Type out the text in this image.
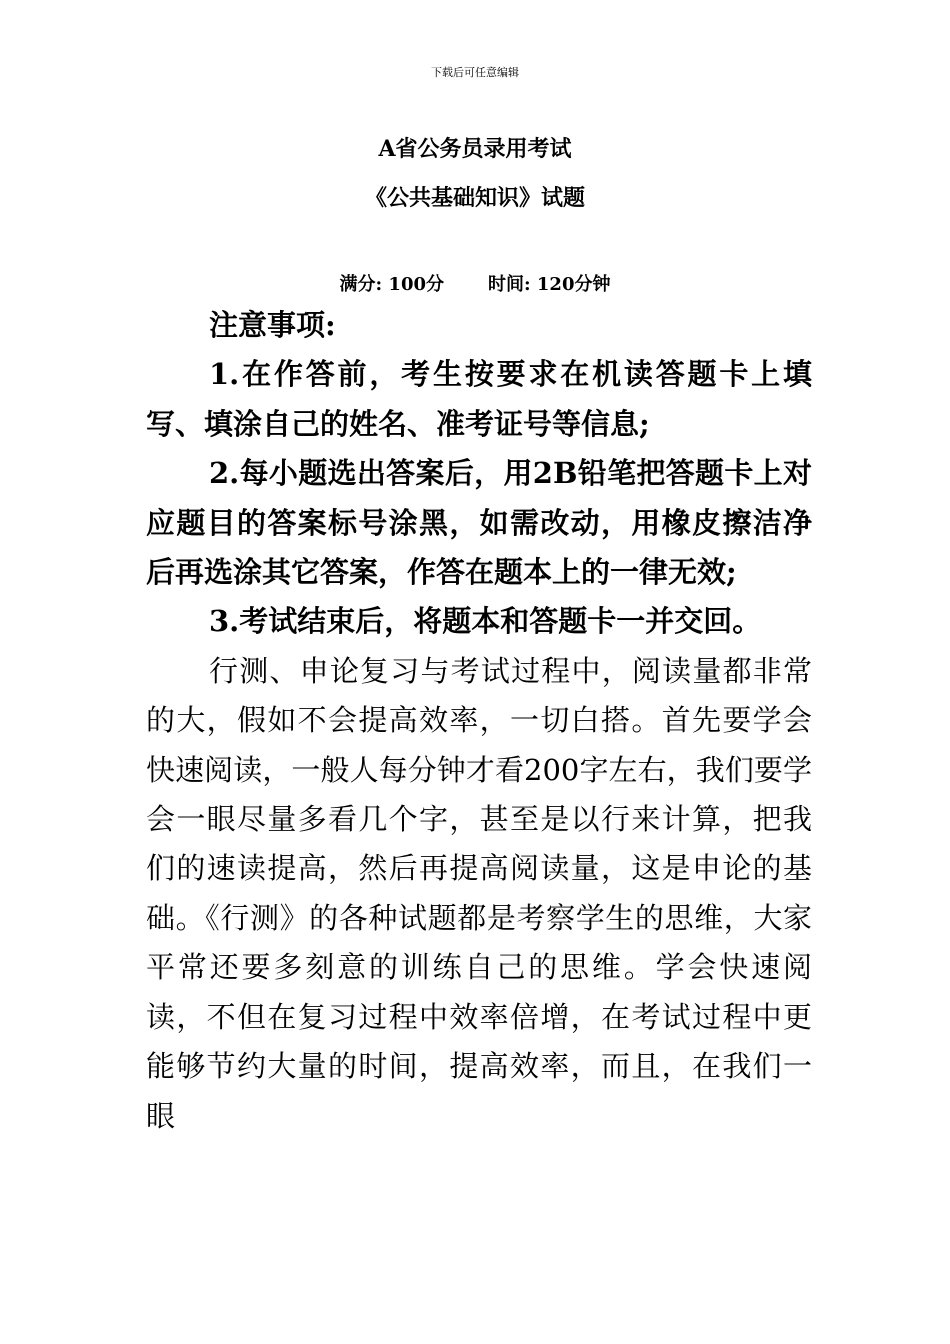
下载后可任意编辑
A省公务员录用考试
《公共基础知识》试题
满分: 100分 时间: 120分钟

注意事项:

1.在作答前，考生按要求在机读答题卡上填写、填涂自己的姓名、准考证号等信息;

2.每小题选出答案后，用2B铅笔把答题卡上对应题目的答案标号涂黑，如需改动，用橡皮擦洁净后再选涂其它答案，作答在题本上的一律无效;

3.考试结束后，将题本和答题卡一并交回。

行测、申论复习与考试过程中，阅读量都非常的大，假如不会提高效率，一切白搭。首先要学会快速阅读，一般人每分钟才看200字左右，我们要学会一眼尽量多看几个字，甚至是以行来计算，把我们的速读提高，然后再提高阅读量，这是申论的基础。《行测》的各种试题都是考察学生的思维，大家平常还要多刻意的训练自己的思维。学会快速阅读，不但在复习过程中效率倍增，在考试过程中更能够节约大量的时间，提高效率，而且，在我们一眼
